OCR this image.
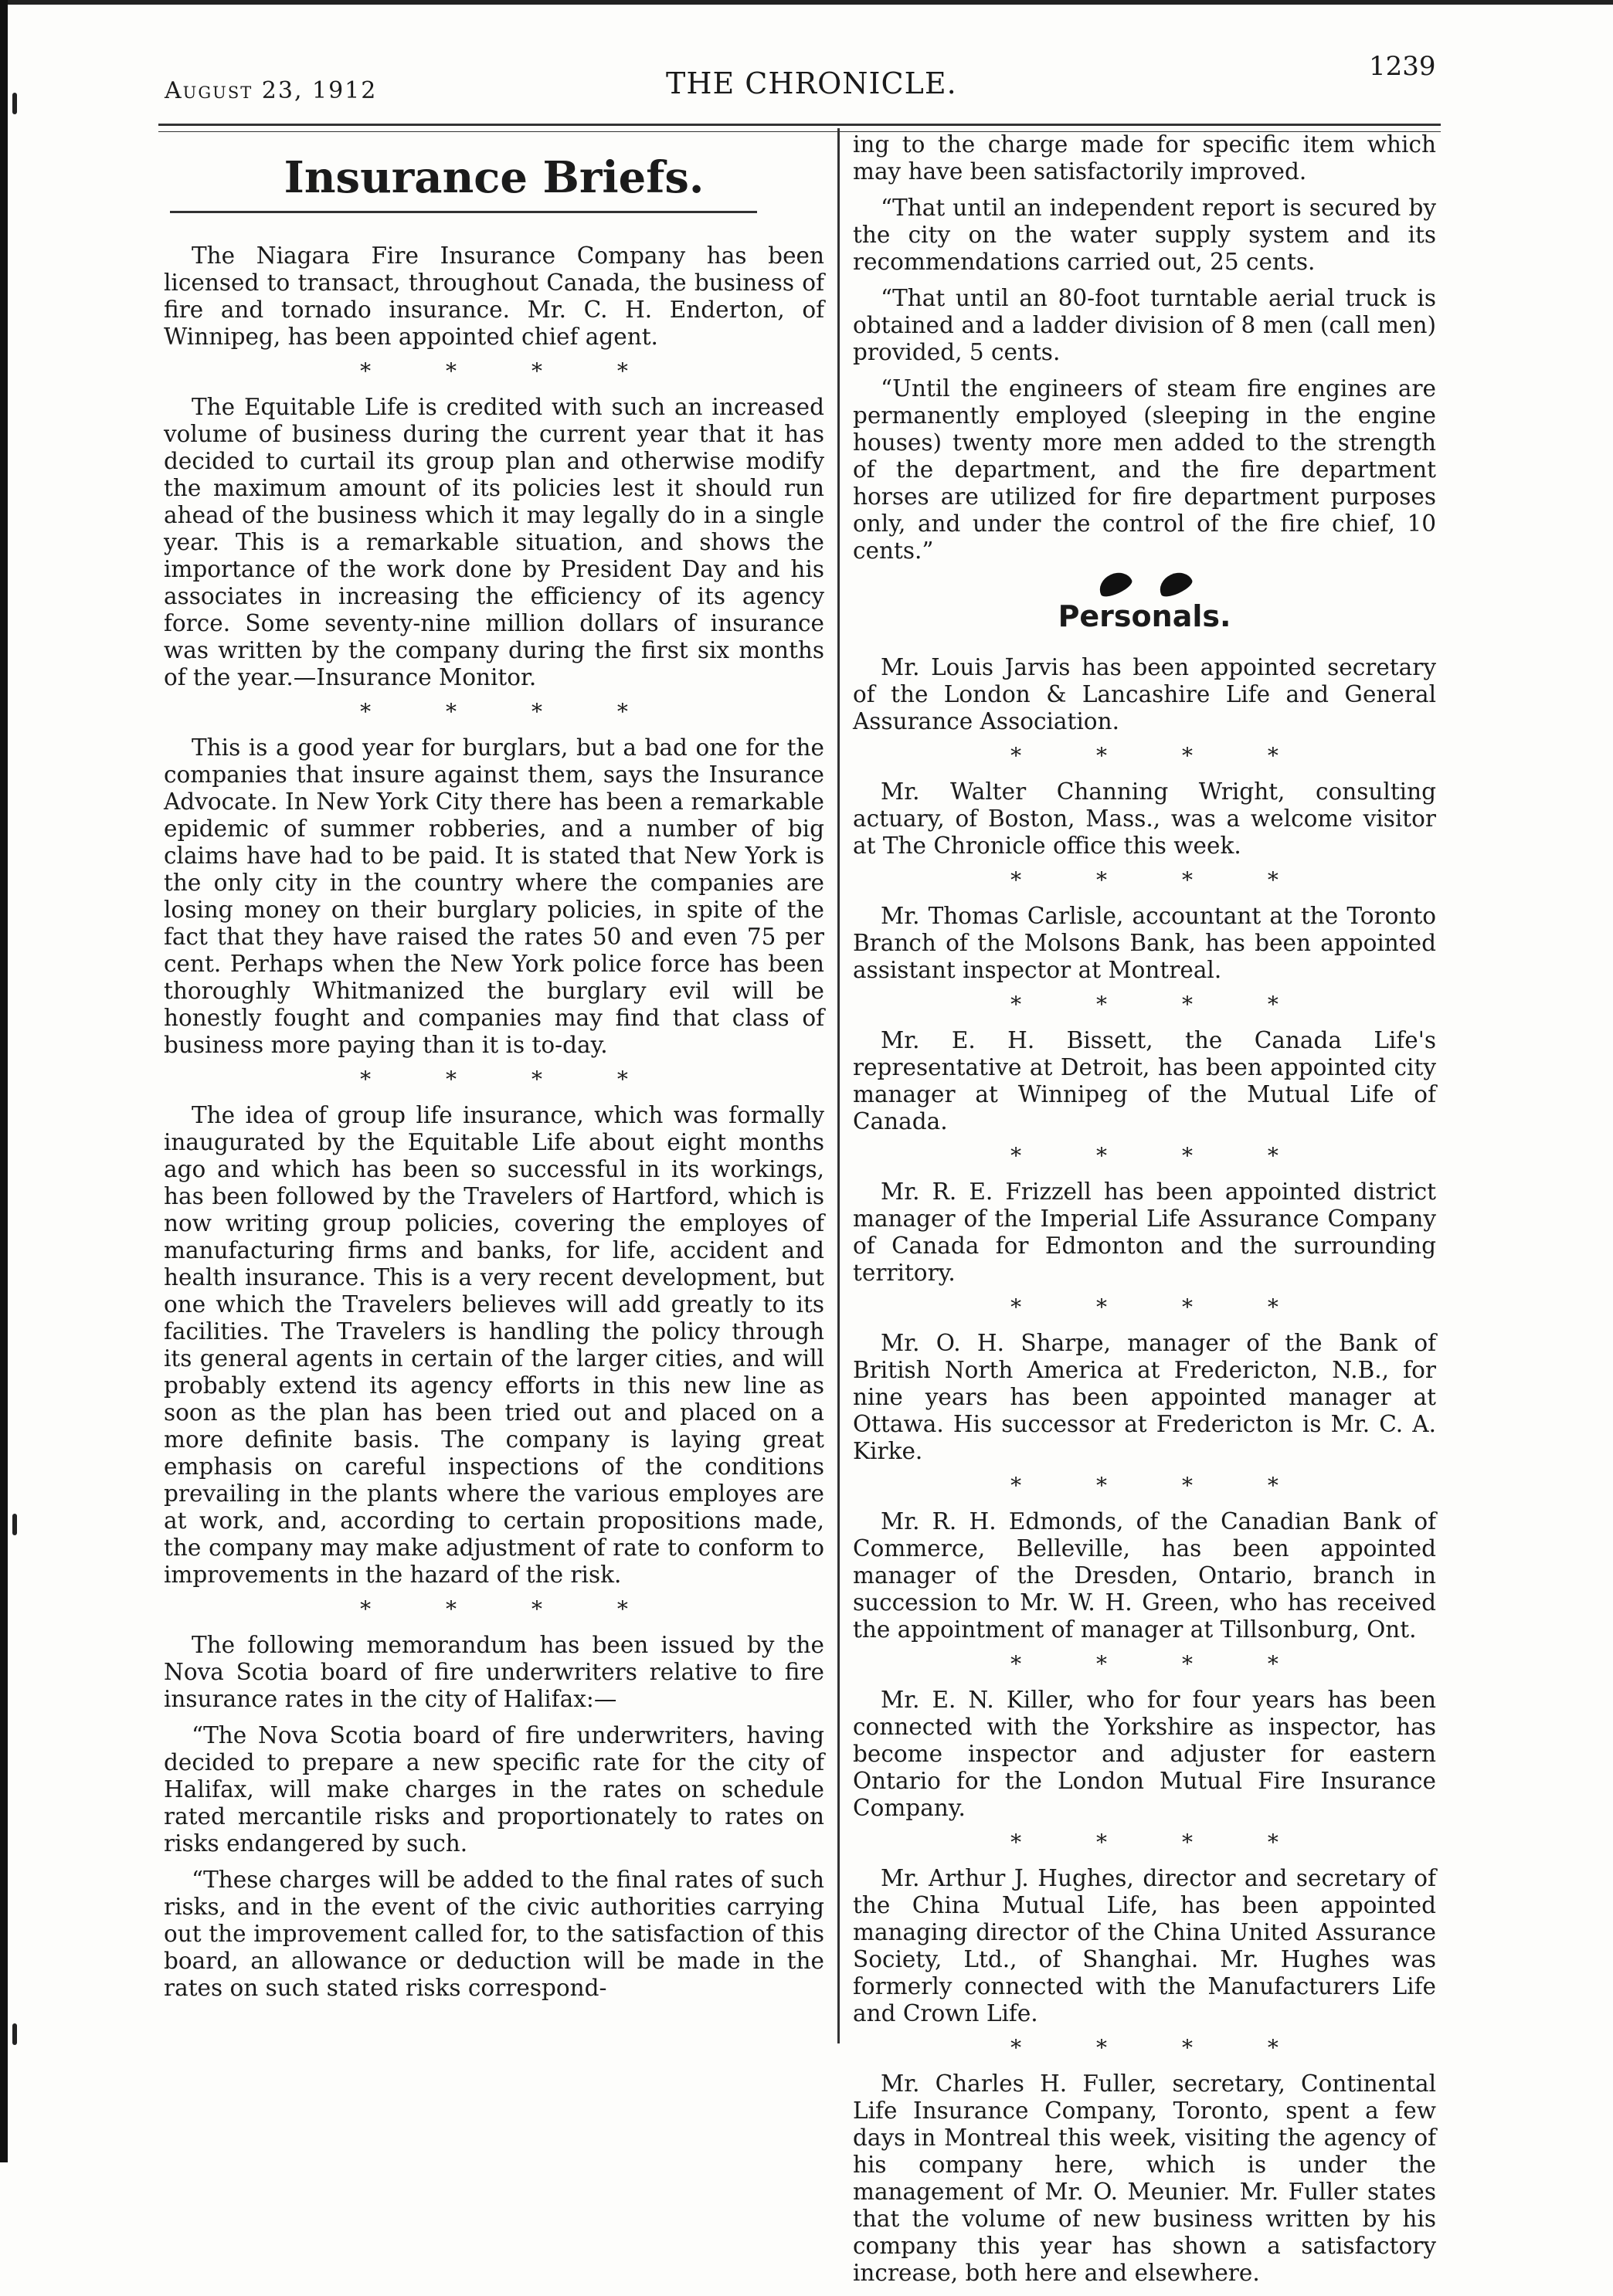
August 23, 1912	THE CHRONICLE.	1239
Insurance Briefs.

The Niagara Fire Insurance Company has been licensed to transact, throughout Canada, the business of fire and tornado insurance. Mr. C. H. Enderton, of Winnipeg, has been appointed chief agent.

* * * *

The Equitable Life is credited with such an increased volume of business during the current year that it has decided to curtail its group plan and otherwise modify the maximum amount of its policies lest it should run ahead of the business which it may legally do in a single year. This is a remarkable situation, and shows the importance of the work done by President Day and his associates in increasing the efficiency of its agency force. Some seventy-nine million dollars of insurance was written by the company during the first six months of the year.—Insurance Monitor.

* * * *

This is a good year for burglars, but a bad one for the companies that insure against them, says the Insurance Advocate. In New York City there has been a remarkable epidemic of summer robberies, and a number of big claims have had to be paid. It is stated that New York is the only city in the country where the companies are losing money on their burglary policies, in spite of the fact that they have raised the rates 50 and even 75 per cent. Perhaps when the New York police force has been thoroughly Whitmanized the burglary evil will be honestly fought and companies may find that class of business more paying than it is to-day.

* * * *

The idea of group life insurance, which was formally inaugurated by the Equitable Life about eight months ago and which has been so successful in its workings, has been followed by the Travelers of Hartford, which is now writing group policies, covering the employes of manufacturing firms and banks, for life, accident and health insurance. This is a very recent development, but one which the Travelers believes will add greatly to its facilities. The Travelers is handling the policy through its general agents in certain of the larger cities, and will probably extend its agency efforts in this new line as soon as the plan has been tried out and placed on a more definite basis. The company is laying great emphasis on careful inspections of the conditions prevailing in the plants where the various employes are at work, and, according to certain propositions made, the company may make adjustment of rate to conform to improvements in the hazard of the risk.

* * * *

The following memorandum has been issued by the Nova Scotia board of fire underwriters relative to fire insurance rates in the city of Halifax:—

“The Nova Scotia board of fire underwriters, having decided to prepare a new specific rate for the city of Halifax, will make charges in the rates on schedule rated mercantile risks and proportionately to rates on risks endangered by such.

“These charges will be added to the final rates of such risks, and in the event of the civic authorities carrying out the improvement called for, to the satisfaction of this board, an allowance or deduction will be made in the rates on such stated risks correspond-

ing to the charge made for specific item which may have been satisfactorily improved.

“That until an independent report is secured by the city on the water supply system and its recommendations carried out, 25 cents.

“That until an 80-foot turntable aerial truck is obtained and a ladder division of 8 men (call men) provided, 5 cents.

“Until the engineers of steam fire engines are permanently employed (sleeping in the engine houses) twenty more men added to the strength of the department, and the fire department horses are utilized for fire department purposes only, and under the control of the fire chief, 10 cents.”

Personals.

Mr. Louis Jarvis has been appointed secretary of the London & Lancashire Life and General Assurance Association.

* * * *

Mr. Walter Channing Wright, consulting actuary, of Boston, Mass., was a welcome visitor at The Chronicle office this week.

* * * *

Mr. Thomas Carlisle, accountant at the Toronto Branch of the Molsons Bank, has been appointed assistant inspector at Montreal.

* * * *

Mr. E. H. Bissett, the Canada Life's representative at Detroit, has been appointed city manager at Winnipeg of the Mutual Life of Canada.

* * * *

Mr. R. E. Frizzell has been appointed district manager of the Imperial Life Assurance Company of Canada for Edmonton and the surrounding territory.

* * * *

Mr. O. H. Sharpe, manager of the Bank of British North America at Fredericton, N.B., for nine years has been appointed manager at Ottawa. His successor at Fredericton is Mr. C. A. Kirke.

* * * *

Mr. R. H. Edmonds, of the Canadian Bank of Commerce, Belleville, has been appointed manager of the Dresden, Ontario, branch in succession to Mr. W. H. Green, who has received the appointment of manager at Tillsonburg, Ont.

* * * *

Mr. E. N. Killer, who for four years has been connected with the Yorkshire as inspector, has become inspector and adjuster for eastern Ontario for the London Mutual Fire Insurance Company.

* * * *

Mr. Arthur J. Hughes, director and secretary of the China Mutual Life, has been appointed managing director of the China United Assurance Society, Ltd., of Shanghai. Mr. Hughes was formerly connected with the Manufacturers Life and Crown Life.

* * * *

Mr. Charles H. Fuller, secretary, Continental Life Insurance Company, Toronto, spent a few days in Montreal this week, visiting the agency of his company here, which is under the management of Mr. O. Meunier. Mr. Fuller states that the volume of new business written by his company this year has shown a satisfactory increase, both here and elsewhere.
